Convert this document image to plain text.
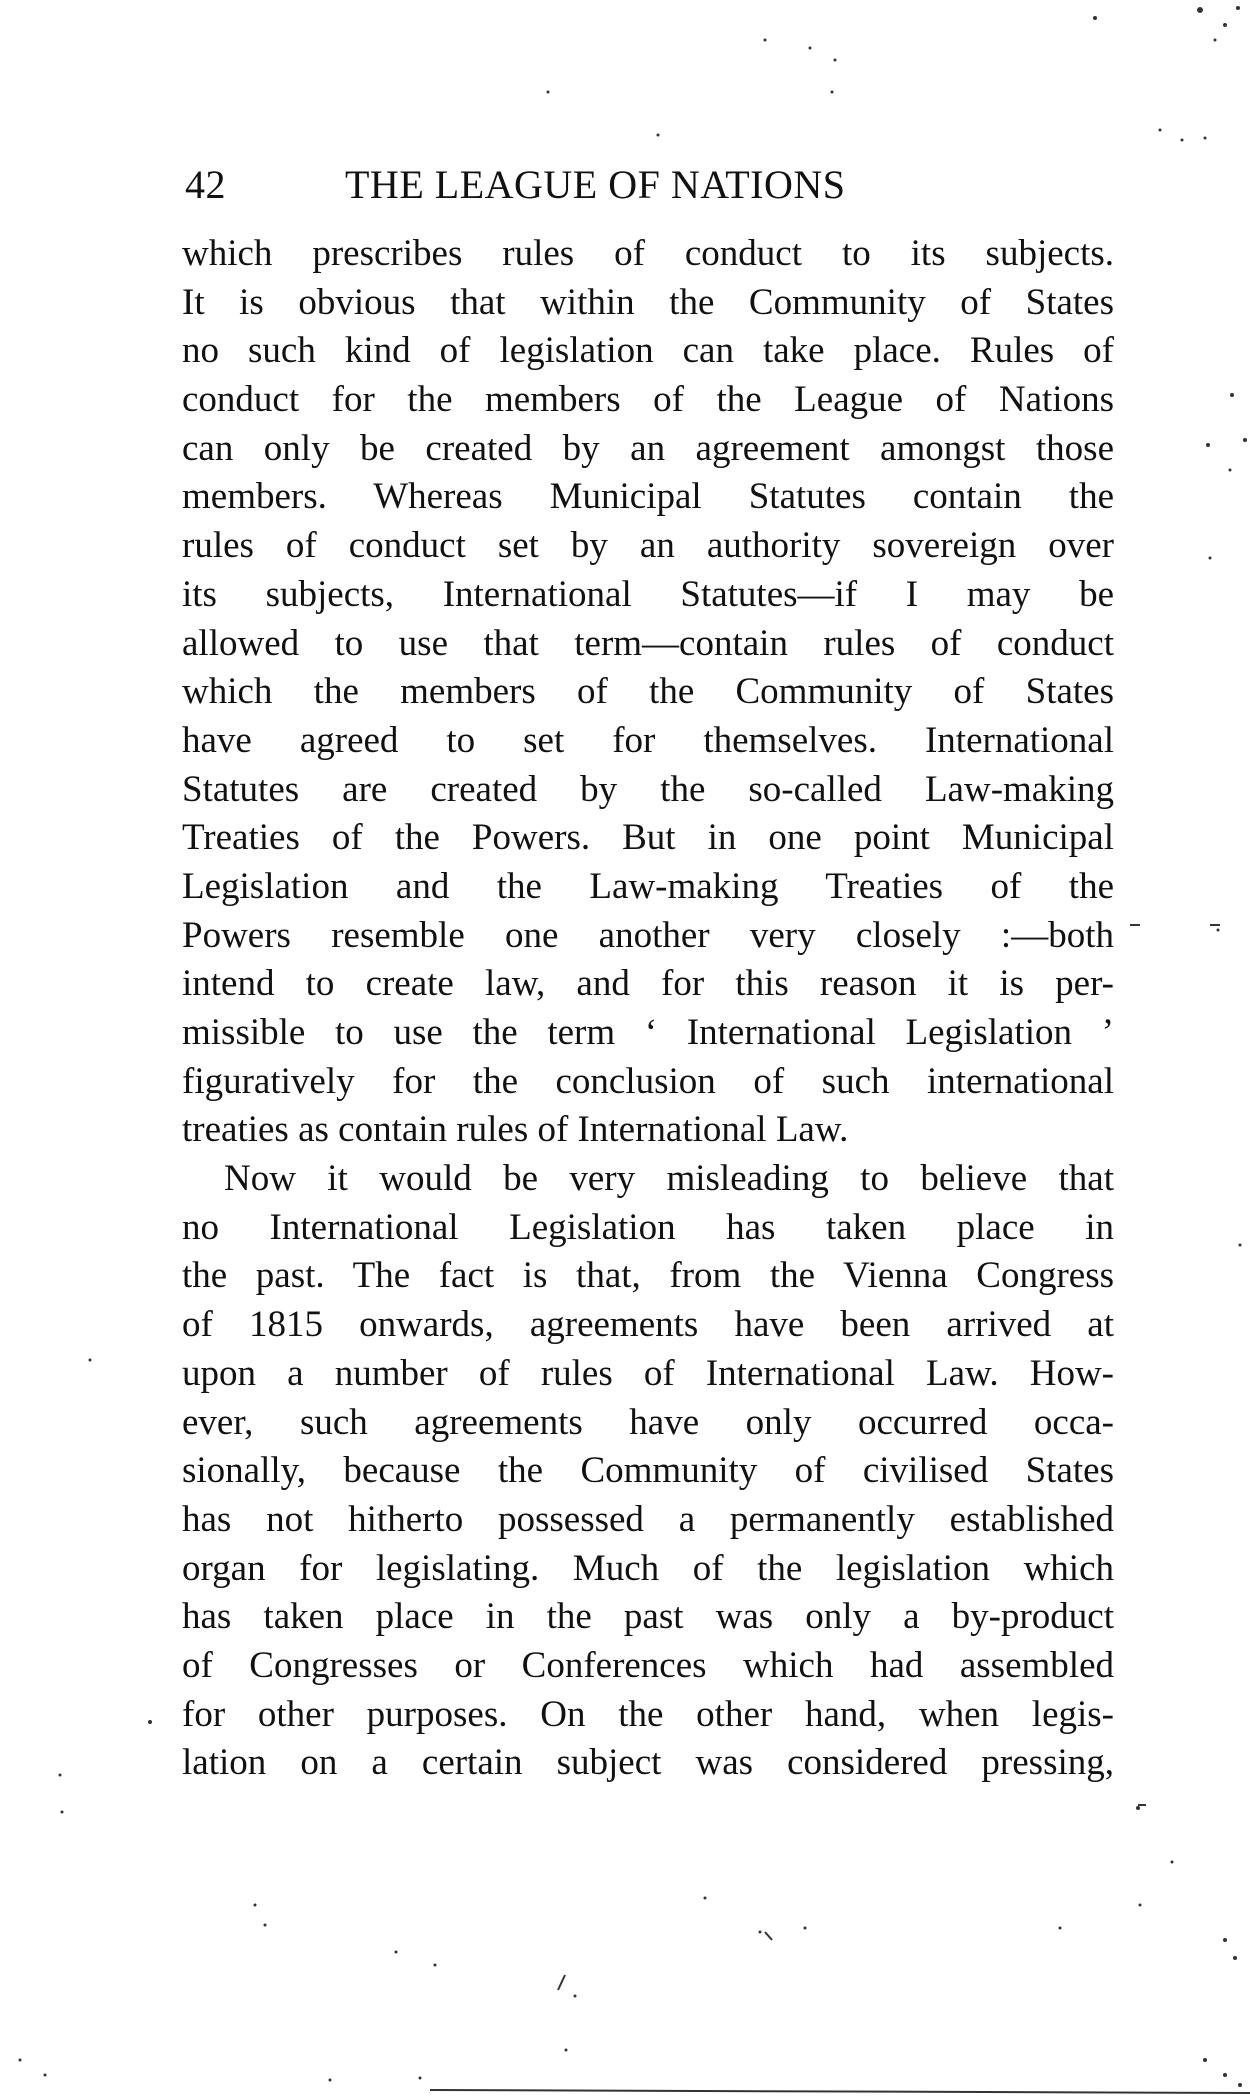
42	THE LEAGUE OF NATIONS
which prescribes rules of conduct to its subjects.
It is obvious that within the Community of States
no such kind of legislation can take place. Rules of
conduct for the members of the League of Nations
can only be created by an agreement amongst those
members. Whereas Municipal Statutes contain the
rules of conduct set by an authority sovereign over
its subjects, International Statutes—if I may be
allowed to use that term—contain rules of conduct
which the members of the Community of States
have agreed to set for themselves. International
Statutes are created by the so-called Law-making
Treaties of the Powers. But in one point Municipal
Legislation and the Law-making Treaties of the
Powers resemble one another very closely :—both
intend to create law, and for this reason it is per-
missible to use the term ‘ International Legislation ’
figuratively for the conclusion of such international
treaties as contain rules of International Law.
Now it would be very misleading to believe that
no International Legislation has taken place in
the past. The fact is that, from the Vienna Congress
of 1815 onwards, agreements have been arrived at
upon a number of rules of International Law. How-
ever, such agreements have only occurred occa-
sionally, because the Community of civilised States
has not hitherto possessed a permanently established
organ for legislating. Much of the legislation which
has taken place in the past was only a by-product
of Congresses or Conferences which had assembled
for other purposes. On the other hand, when legis-
lation on a certain subject was considered pressing,
